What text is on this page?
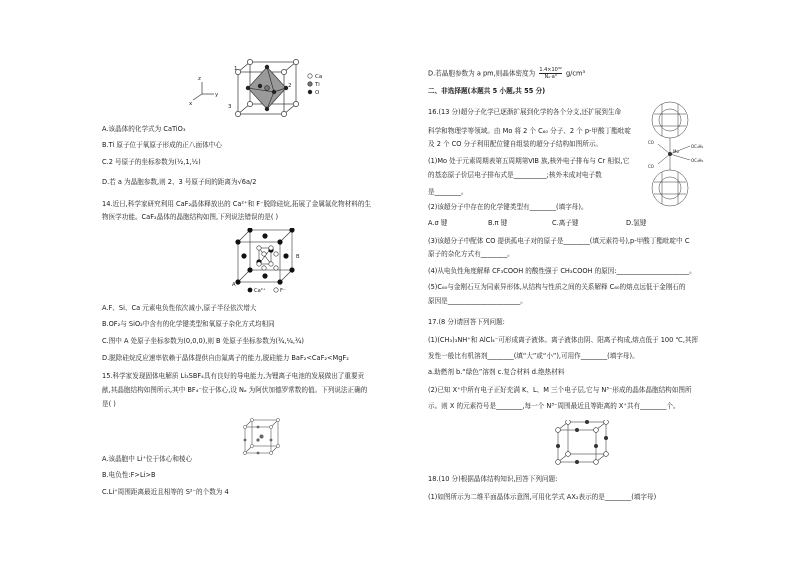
Ca
Ti
O
z
x
y
1
2
3
A.该晶体的化学式为 CaTiO₃
B.Ti 原子位于氧原子形成的正八面体中心
C.2 号原子的坐标参数为(½,1,½)
D.若 a 为晶胞参数,则 2、3 号原子间的距离为√6a/2
14.近日,科学家研究利用 CaF₂晶体释放出的 Ca²⁺和 F⁻脱除硅烷,拓展了金属氟化物材料的生
物医学功能。CaF₂晶体的晶胞结构如图,下列说法错误的是( )
Ca²⁺	F⁻
A
B
A.F、Si、Ca 元素电负性依次减小,原子半径依次增大
B.OF₂与 SiO₂中含有的化学键类型和氧原子杂化方式均相同
C.图中 A 处原子坐标参数为(0,0,0),则 B 处原子坐标参数为(¾,¼,¾)
D.脱除硅烷反应速率依赖于晶体提供自由氟离子的能力,脱硅能力 BaF₂<CaF₂<MgF₂
15.科学家发现固体电解质 Li₃SBF₄具有良好的导电能力,为锂离子电池的发展做出了重要贡
献,其晶胞结构如图所示,其中 BF₄⁻位于体心,设 Nₐ 为阿伏加德罗常数的值。下列说法正确的
是( )
A.该晶胞中 Li⁺位于体心和棱心
B.电负性:F>Li>B
C.Li⁺周围距离最近且相等的 S²⁻的个数为 4
D.若晶胞参数为 a pm,则晶体密度为 $\frac{\text{1.4×10³²}}{\text{Nₐ·a³}} g/cm^3$
二、非选择题(本题共 5 小题,共 55 分)
16.(13 分)超分子化学已逐渐扩展到化学的各个分支,还扩展到生命
科学和物理学等领域。由 Mo 将 2 个 C₆₀ 分子、2 个 p-甲酸丁酯吡啶
及 2 个 CO 分子利用配位键自组装的超分子结构如图所示。
Mo
CO
CO
OC₄H₉
OC₄H₉
(1)Mo 处于元素周期表第五周期第ⅥB 族,核外电子排布与 Cr 相似,它
的基态原子价层电子排布式是__________;核外未成对电子数
是________。
(2)该超分子中存在的化学键类型有________(填字母)。
A.σ 键	B.π 键	C.离子键	D.氢键
(3)该超分子中配体 CO 提供孤电子对的原子是________(填元素符号),p-甲酸丁酯吡啶中 C
原子的杂化方式有________。
(4)从电负性角度解释 CF₃COOH 的酸性强于 CH₃COOH 的原因:______________________。
(5)C₆₀与金刚石互为同素异形体,从结构与性质之间的关系解释 C₆₀的熔点远低于金刚石的
原因是______________________。
17.(8 分)请回答下列问题:
(1)(CH₃)₃NH⁺和 AlCl₄⁻可形成离子液体。离子液体由阴、阳离子构成,熔点低于 100 ℃,其挥
发性一般比有机溶剂________(填“大”或“小”),可用作________(填字母)。
a.助燃剂 b.“绿色”溶剂 c.复合材料 d.绝热材料
(2)已知 X⁺中所有电子正好充满 K、L、M 三个电子层,它与 N³⁻形成的晶体晶胞结构如图所
示。则 X 的元素符号是________,每一个 N³⁻周围最近且等距离的 X⁺共有________个。
18.(10 分)根据晶体结构知识,回答下列问题:
(1)如图所示为二维平面晶体示意图,可用化学式 AX₂表示的是________(填字母)
